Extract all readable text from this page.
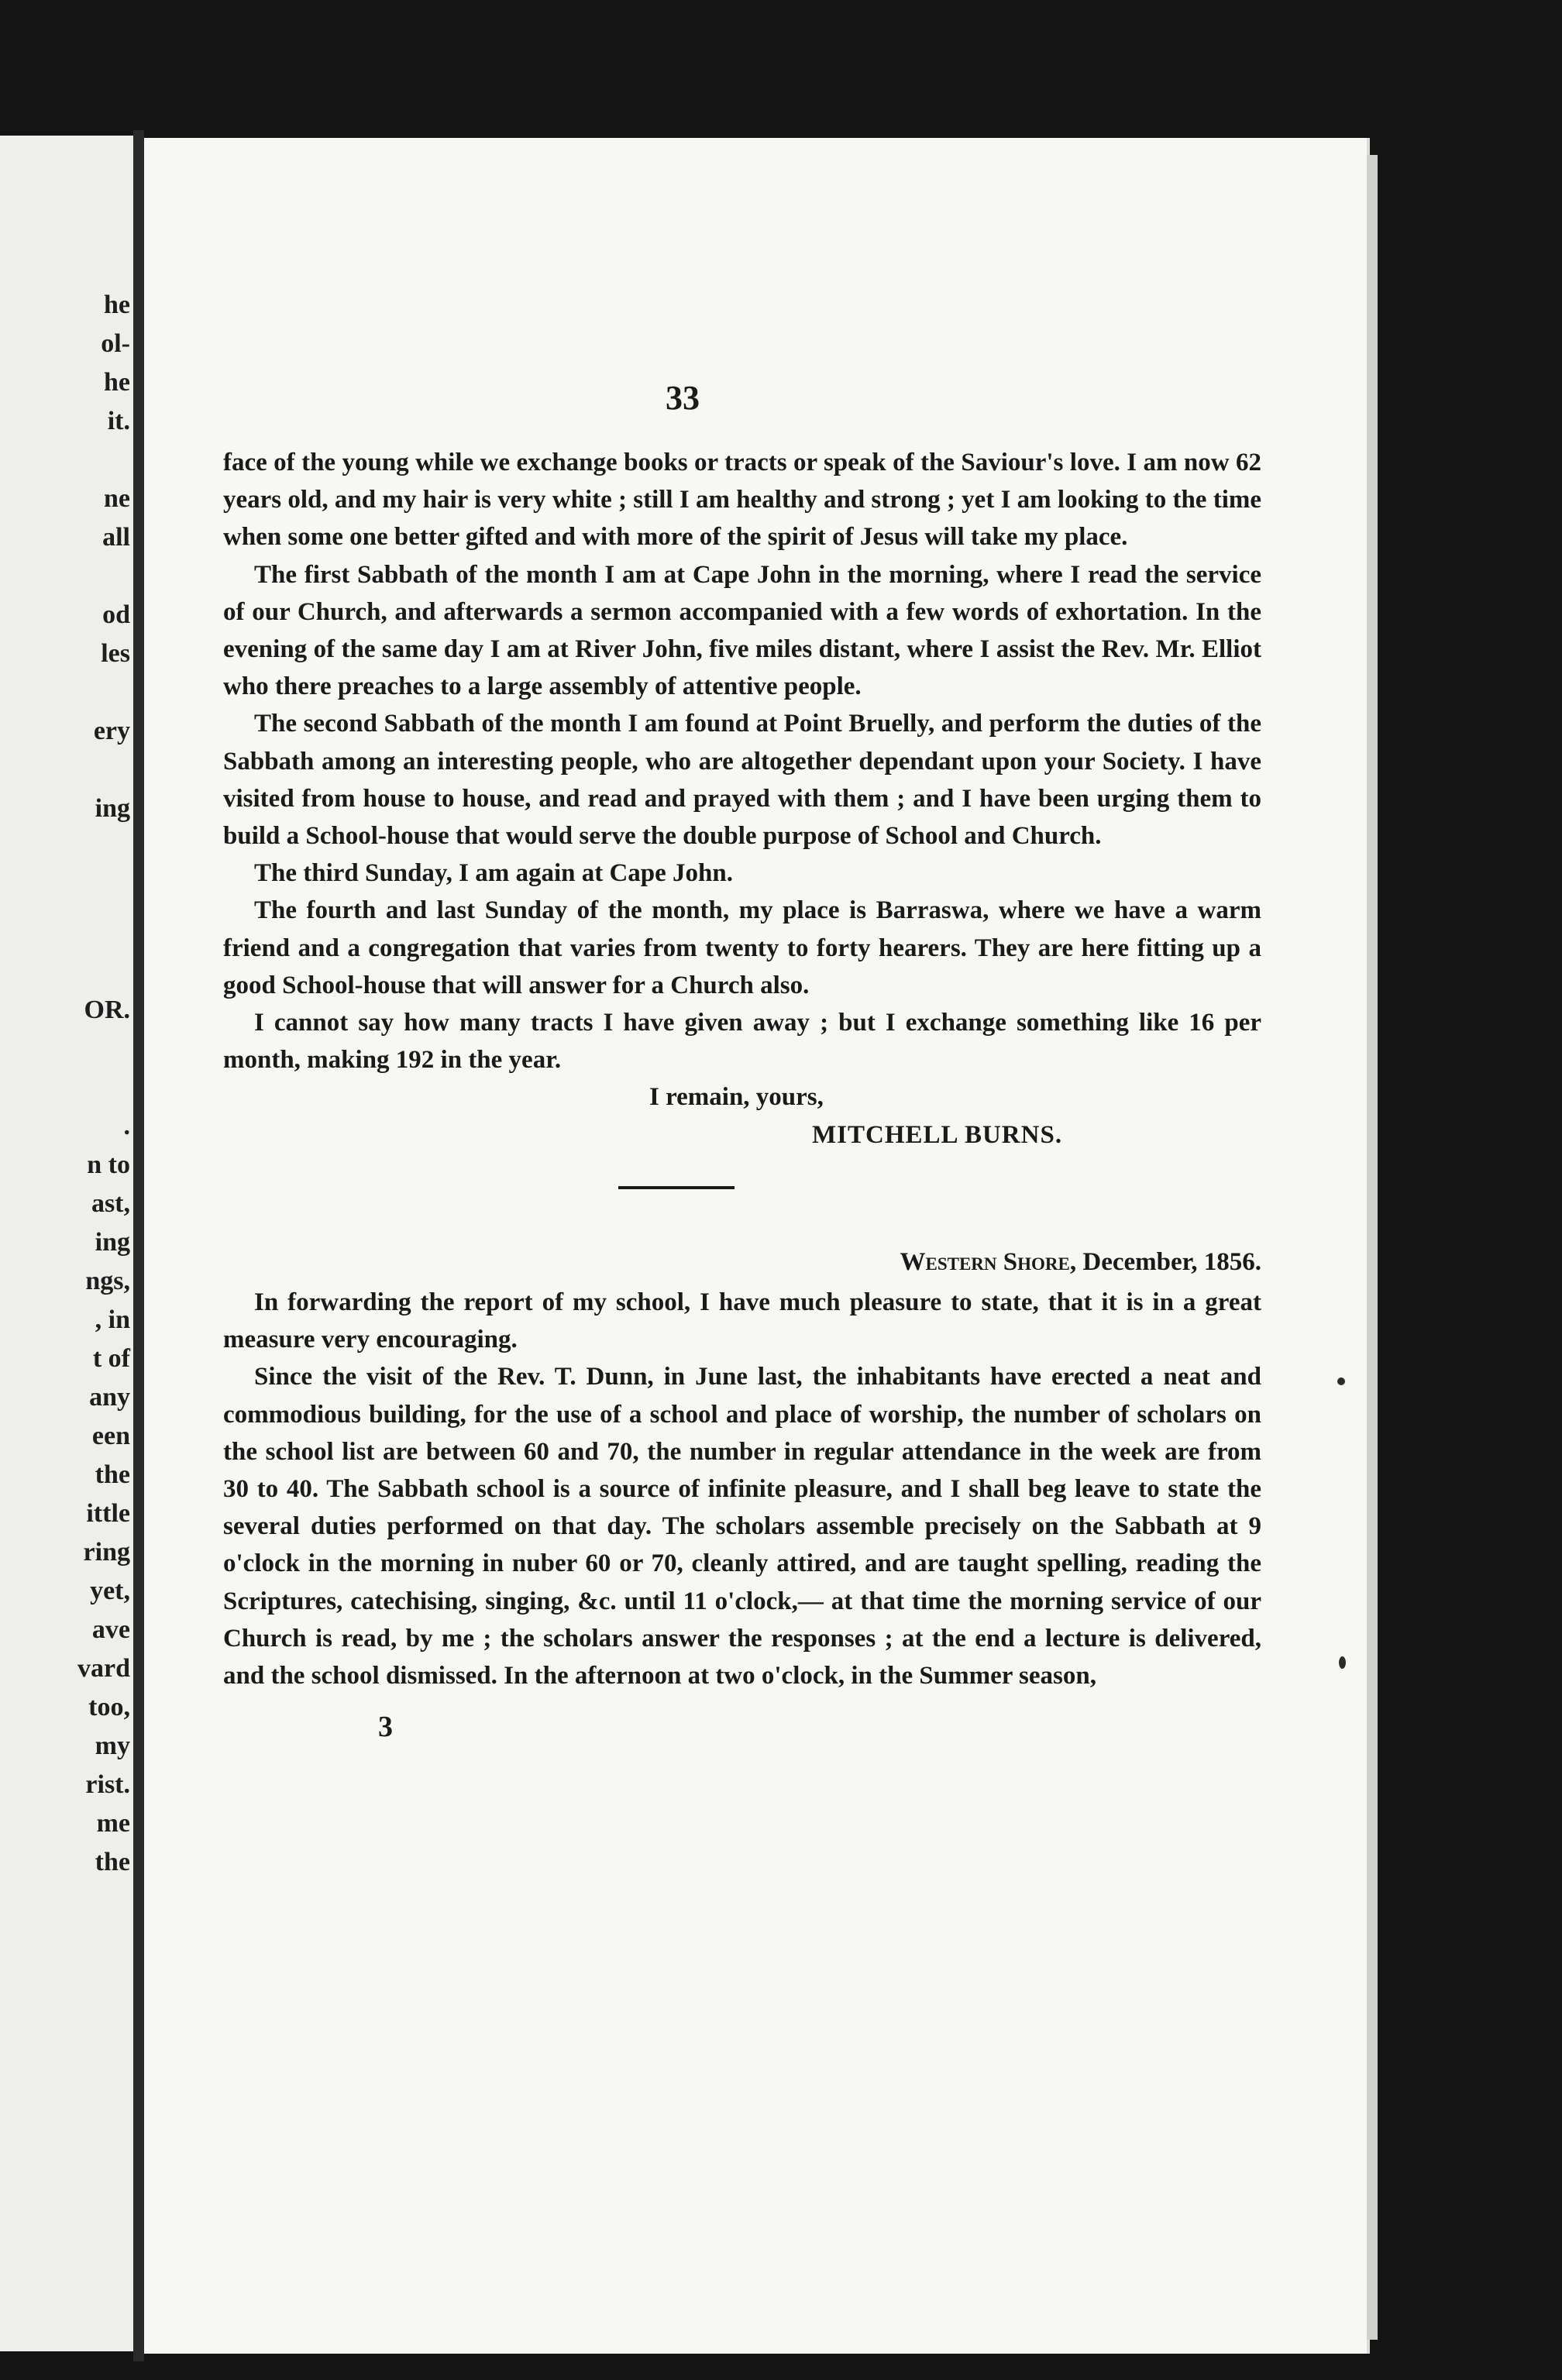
he
ol-
he
it.
ne
all
od
les
ery
ing
OR.
.
n to
ast,
ing
ngs,
, in
t of
any
een
the
ittle
ring
yet,
ave
vard
too,
my
rist.
me
the
33

face of the young while we exchange books or tracts or speak of the Saviour's love. I am now 62 years old, and my hair is very white ; still I am healthy and strong ; yet I am looking to the time when some one better gifted and with more of the spirit of Jesus will take my place.

The first Sabbath of the month I am at Cape John in the morning, where I read the service of our Church, and afterwards a sermon accompanied with a few words of exhortation. In the evening of the same day I am at River John, five miles distant, where I assist the Rev. Mr. Elliot who there preaches to a large assembly of attentive people.

The second Sabbath of the month I am found at Point Bruelly, and perform the duties of the Sabbath among an interesting people, who are altogether dependant upon your Society. I have visited from house to house, and read and prayed with them ; and I have been urging them to build a School-house that would serve the double purpose of School and Church.

The third Sunday, I am again at Cape John.

The fourth and last Sunday of the month, my place is Barraswa, where we have a warm friend and a congregation that varies from twenty to forty hearers. They are here fitting up a good School-house that will answer for a Church also.

I cannot say how many tracts I have given away ; but I exchange something like 16 per month, making 192 in the year.

I remain, yours,

MITCHELL BURNS.

Western Shore, December, 1856.

In forwarding the report of my school, I have much pleasure to state, that it is in a great measure very encouraging.

Since the visit of the Rev. T. Dunn, in June last, the inhabitants have erected a neat and commodious building, for the use of a school and place of worship, the number of scholars on the school list are between 60 and 70, the number in regular attendance in the week are from 30 to 40. The Sabbath school is a source of infinite pleasure, and I shall beg leave to state the several duties performed on that day. The scholars assemble precisely on the Sabbath at 9 o'clock in the morning in nuber 60 or 70, cleanly attired, and are taught spelling, reading the Scriptures, catechising, singing, &c. until 11 o'clock,— at that time the morning service of our Church is read, by me ; the scholars answer the responses ; at the end a lecture is delivered, and the school dismissed. In the afternoon at two o'clock, in the Summer season,

3
